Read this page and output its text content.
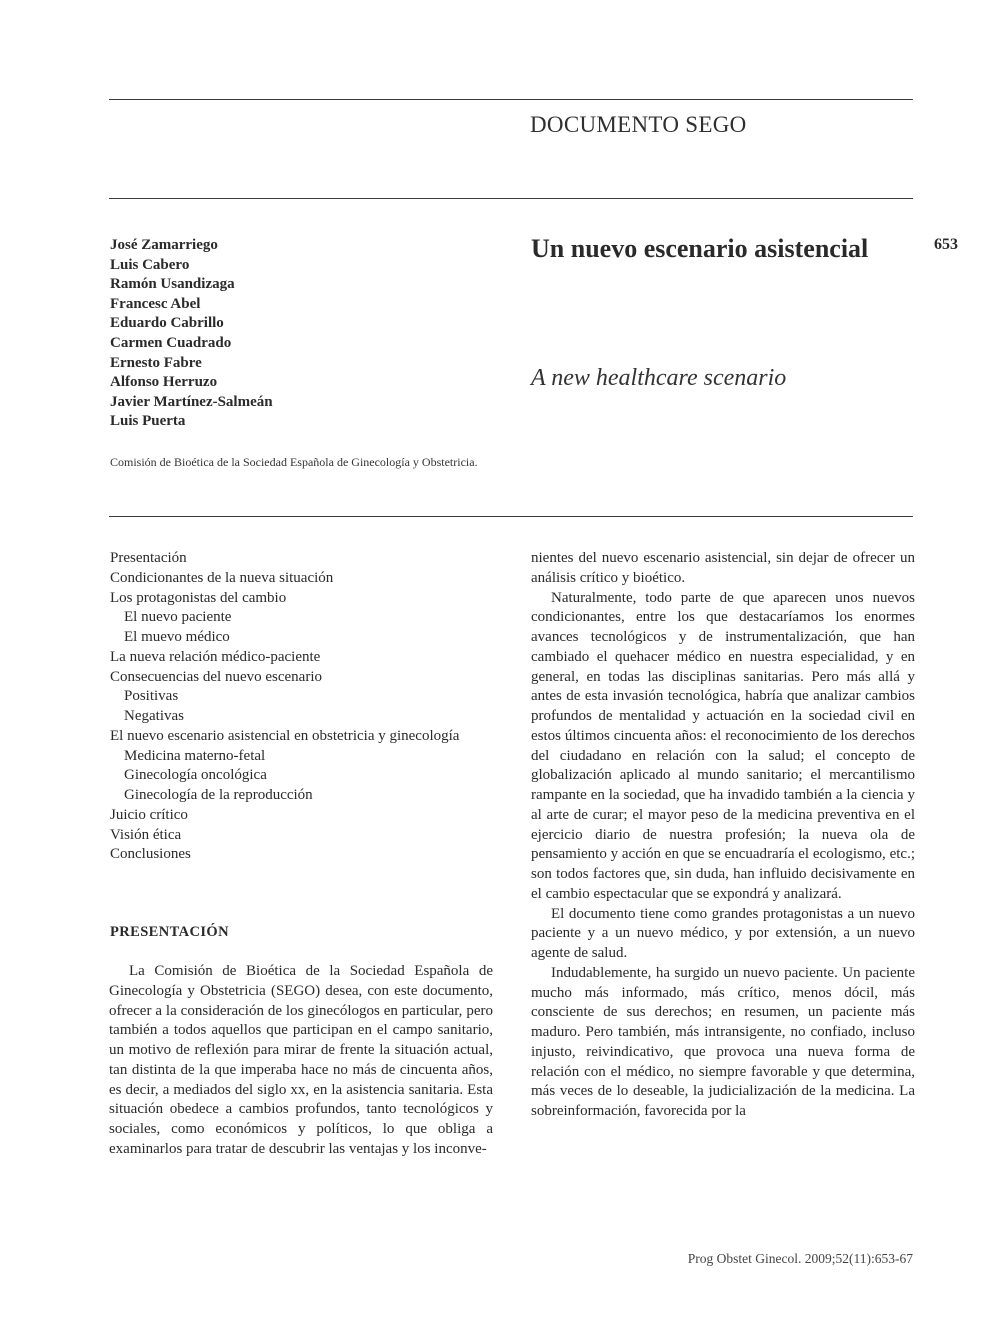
DOCUMENTO SEGO
653
José Zamarriego
Luis Cabero
Ramón Usandizaga
Francesc Abel
Eduardo Cabrillo
Carmen Cuadrado
Ernesto Fabre
Alfonso Herruzo
Javier Martínez-Salmeán
Luis Puerta
Comisión de Bioética de la Sociedad Española de Ginecología y Obstetricia.
Un nuevo escenario asistencial
A new healthcare scenario
Presentación
Condicionantes de la nueva situación
Los protagonistas del cambio
El nuevo paciente
El muevo médico
La nueva relación médico-paciente
Consecuencias del nuevo escenario
Positivas
Negativas
El nuevo escenario asistencial en obstetricia y ginecología
Medicina materno-fetal
Ginecología oncológica
Ginecología de la reproducción
Juicio crítico
Visión ética
Conclusiones
PRESENTACIÓN

La Comisión de Bioética de la Sociedad Española de Ginecología y Obstetricia (SEGO) desea, con este documento, ofrecer a la consideración de los ginecólogos en particular, pero también a todos aquellos que participan en el campo sanitario, un motivo de reflexión para mirar de frente la situación actual, tan distinta de la que imperaba hace no más de cincuenta años, es decir, a mediados del siglo xx, en la asistencia sanitaria. Esta situación obedece a cambios profundos, tanto tecnológicos y sociales, como económicos y políticos, lo que obliga a examinarlos para tratar de descubrir las ventajas y los inconve-

nientes del nuevo escenario asistencial, sin dejar de ofrecer un análisis crítico y bioético.

Naturalmente, todo parte de que aparecen unos nuevos condicionantes, entre los que destacaríamos los enormes avances tecnológicos y de instrumentalización, que han cambiado el quehacer médico en nuestra especialidad, y en general, en todas las disciplinas sanitarias. Pero más allá y antes de esta invasión tecnológica, habría que analizar cambios profundos de mentalidad y actuación en la sociedad civil en estos últimos cincuenta años: el reconocimiento de los derechos del ciudadano en relación con la salud; el concepto de globalización aplicado al mundo sanitario; el mercantilismo rampante en la sociedad, que ha invadido también a la ciencia y al arte de curar; el mayor peso de la medicina preventiva en el ejercicio diario de nuestra profesión; la nueva ola de pensamiento y acción en que se encuadraría el ecologismo, etc.; son todos factores que, sin duda, han influido decisivamente en el cambio espectacular que se expondrá y analizará.

El documento tiene como grandes protagonistas a un nuevo paciente y a un nuevo médico, y por extensión, a un nuevo agente de salud.

Indudablemente, ha surgido un nuevo paciente. Un paciente mucho más informado, más crítico, menos dócil, más consciente de sus derechos; en resumen, un paciente más maduro. Pero también, más intransigente, no confiado, incluso injusto, reivindicativo, que provoca una nueva forma de relación con el médico, no siempre favorable y que determina, más veces de lo deseable, la judicialización de la medicina. La sobreinformación, favorecida por la

Prog Obstet Ginecol. 2009;52(11):653-67
